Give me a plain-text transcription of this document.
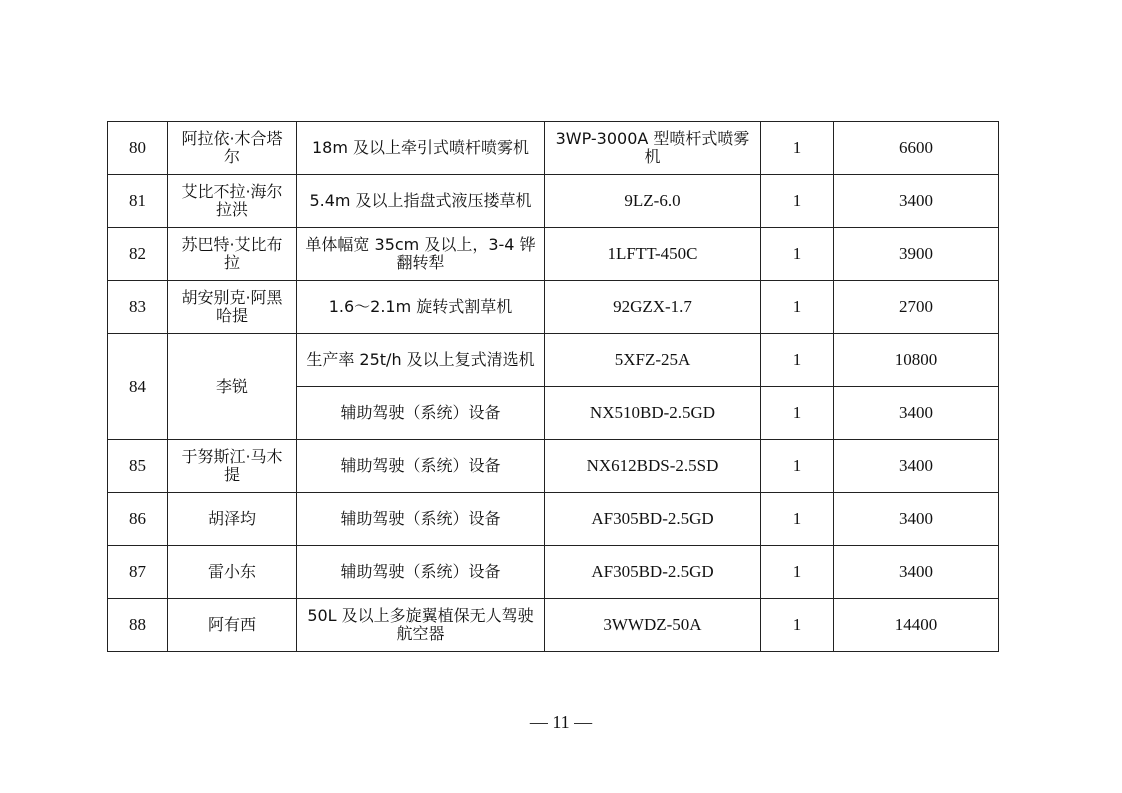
80	阿拉依·木合塔尔	18m 及以上牵引式喷杆喷雾机	3WP-3000A 型喷杆式喷雾机	1	6600
81	艾比不拉·海尔拉洪	5.4m 及以上指盘式液压搂草机	9LZ-6.0	1	3400
82	苏巴特·艾比布拉	单体幅宽 35cm 及以上，3-4 铧翻转犁	1LFTT-450C	1	3900
83	胡安别克·阿黑哈提	1.6～2.1m 旋转式割草机	92GZX-1.7	1	2700
84	李锐	生产率 25t/h 及以上复式清选机	5XFZ-25A	1	10800
		辅助驾驶（系统）设备	NX510BD-2.5GD	1	3400
85	于努斯江·马木提	辅助驾驶（系统）设备	NX612BDS-2.5SD	1	3400
86	胡泽均	辅助驾驶（系统）设备	AF305BD-2.5GD	1	3400
87	雷小东	辅助驾驶（系统）设备	AF305BD-2.5GD	1	3400
88	阿有西	50L 及以上多旋翼植保无人驾驶航空器	3WWDZ-50A	1	14400
— 11 —
